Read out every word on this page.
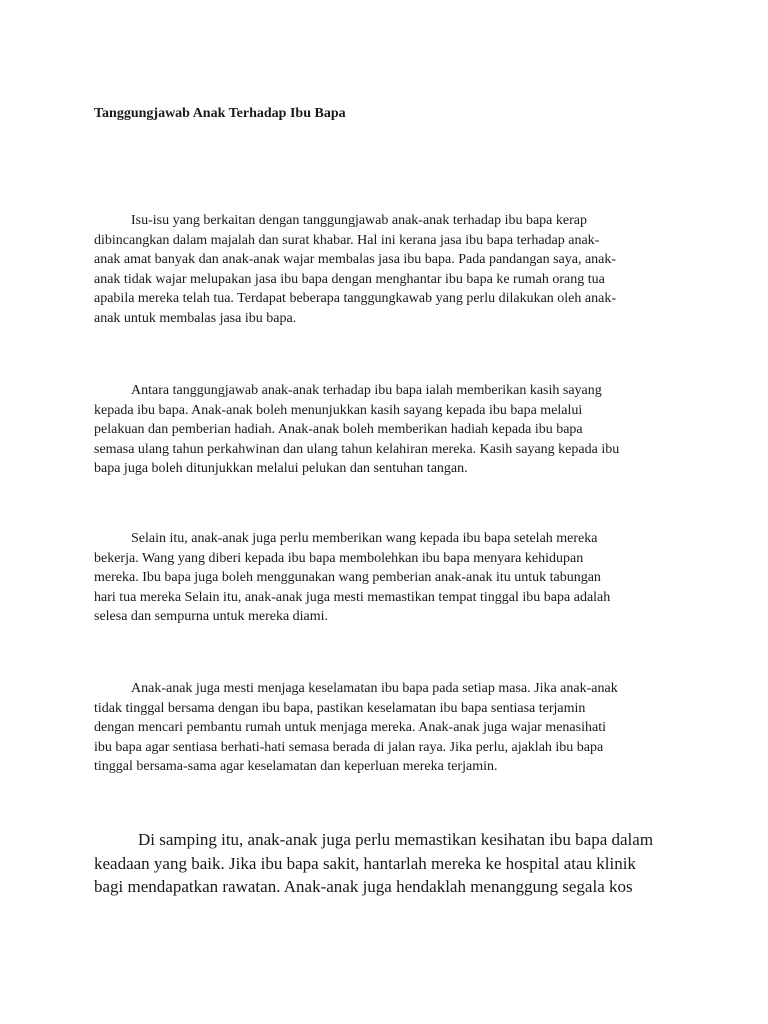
Tanggungjawab Anak Terhadap Ibu Bapa
Isu-isu yang berkaitan dengan tanggungjawab anak-anak terhadap ibu bapa kerap
dibincangkan dalam majalah dan surat khabar. Hal ini kerana jasa ibu bapa terhadap anak-
anak amat banyak dan anak-anak wajar membalas jasa ibu bapa. Pada pandangan saya, anak-
anak tidak wajar melupakan jasa ibu bapa dengan menghantar ibu bapa ke rumah orang tua
apabila mereka telah tua. Terdapat beberapa tanggungkawab yang perlu dilakukan oleh anak-
anak untuk membalas jasa ibu bapa.
Antara tanggungjawab anak-anak terhadap ibu bapa ialah memberikan kasih sayang
kepada ibu bapa. Anak-anak boleh menunjukkan kasih sayang kepada ibu bapa melalui
pelakuan dan pemberian hadiah. Anak-anak boleh memberikan hadiah kepada ibu bapa
semasa ulang tahun perkahwinan dan ulang tahun kelahiran mereka. Kasih sayang kepada ibu
bapa juga boleh ditunjukkan melalui pelukan dan sentuhan tangan.
Selain itu, anak-anak juga perlu memberikan wang kepada ibu bapa setelah mereka
bekerja. Wang yang diberi kepada ibu bapa membolehkan ibu bapa menyara kehidupan
mereka. Ibu bapa juga boleh menggunakan wang pemberian anak-anak itu untuk tabungan
hari tua mereka Selain itu, anak-anak juga mesti memastikan tempat tinggal ibu bapa adalah
selesa dan sempurna untuk mereka diami.
Anak-anak juga mesti menjaga keselamatan ibu bapa pada setiap masa. Jika anak-anak
tidak tinggal bersama dengan ibu bapa, pastikan keselamatan ibu bapa sentiasa terjamin
dengan mencari pembantu rumah untuk menjaga mereka. Anak-anak juga wajar menasihati
ibu bapa agar sentiasa berhati-hati semasa berada di jalan raya. Jika perlu, ajaklah ibu bapa
tinggal bersama-sama agar keselamatan dan keperluan mereka terjamin.
Di samping itu, anak-anak juga perlu memastikan kesihatan ibu bapa dalam
keadaan yang baik. Jika ibu bapa sakit, hantarlah mereka ke hospital atau klinik
bagi mendapatkan rawatan. Anak-anak juga hendaklah menanggung segala kos
